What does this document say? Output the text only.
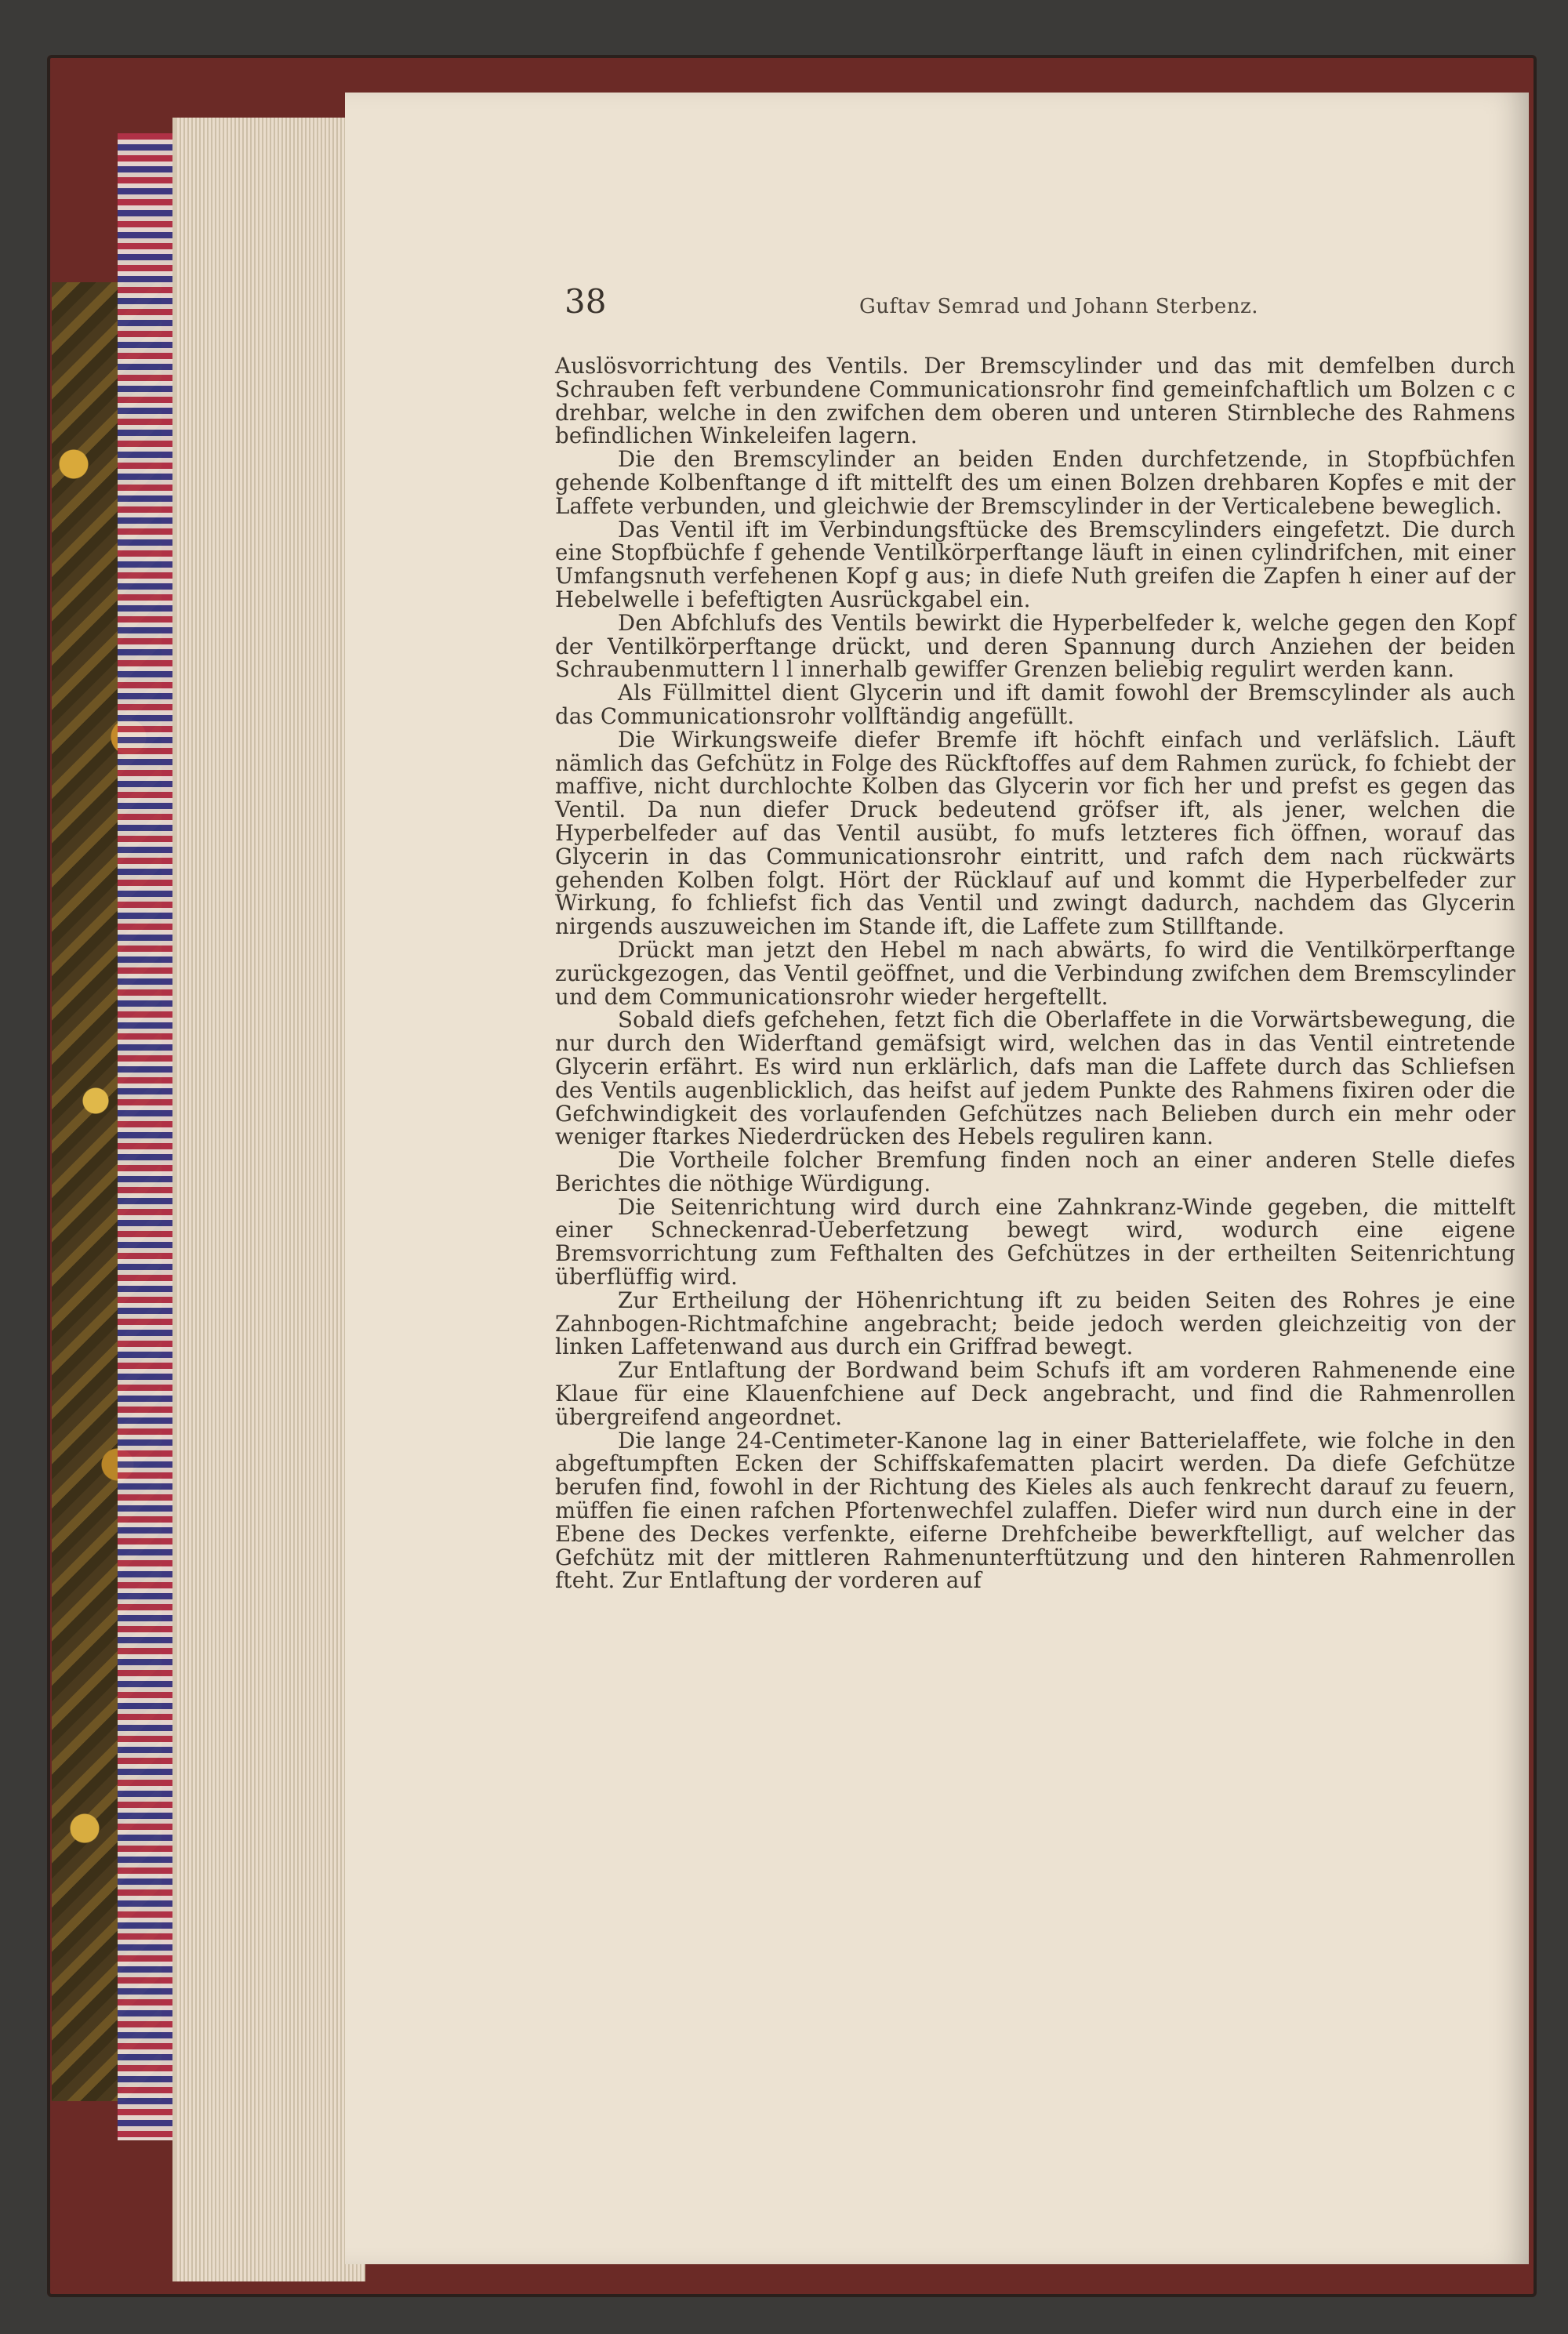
38	Guftav Semrad und Johann Sterbenz.

Auslösvorrichtung des Ventils. Der Bremscylinder und das mit demfelben durch Schrauben feft verbundene Communicationsrohr find gemeinfchaftlich um Bolzen c c drehbar, welche in den zwifchen dem oberen und unteren Stirnbleche des Rahmens befindlichen Winkeleifen lagern.

Die den Bremscylinder an beiden Enden durchfetzende, in Stopfbüchfen gehende Kolbenftange d ift mittelft des um einen Bolzen drehbaren Kopfes e mit der Laffete verbunden, und gleichwie der Bremscylinder in der Verticalebene beweglich.

Das Ventil ift im Verbindungsftücke des Bremscylinders eingefetzt. Die durch eine Stopfbüchfe f gehende Ventilkörperftange läuft in einen cylindrifchen, mit einer Umfangsnuth verfehenen Kopf g aus; in diefe Nuth greifen die Zapfen h einer auf der Hebelwelle i befeftigten Ausrückgabel ein.

Den Abfchlufs des Ventils bewirkt die Hyperbelfeder k, welche gegen den Kopf der Ventilkörperftange drückt, und deren Spannung durch Anziehen der beiden Schraubenmuttern l l innerhalb gewiffer Grenzen beliebig regulirt werden kann.

Als Füllmittel dient Glycerin und ift damit fowohl der Bremscylinder als auch das Communicationsrohr vollftändig angefüllt.

Die Wirkungsweife diefer Bremfe ift höchft einfach und verläfslich. Läuft nämlich das Gefchütz in Folge des Rückftoffes auf dem Rahmen zurück, fo fchiebt der maffive, nicht durchlochte Kolben das Glycerin vor fich her und prefst es gegen das Ventil. Da nun diefer Druck bedeutend gröfser ift, als jener, welchen die Hyperbelfeder auf das Ventil ausübt, fo mufs letzteres fich öffnen, worauf das Glycerin in das Communicationsrohr eintritt, und rafch dem nach rückwärts gehenden Kolben folgt. Hört der Rücklauf auf und kommt die Hyperbelfeder zur Wirkung, fo fchliefst fich das Ventil und zwingt dadurch, nachdem das Glycerin nirgends auszuweichen im Stande ift, die Laffete zum Stillftande.

Drückt man jetzt den Hebel m nach abwärts, fo wird die Ventilkörperftange zurückgezogen, das Ventil geöffnet, und die Verbindung zwifchen dem Bremscylinder und dem Communicationsrohr wieder hergeftellt.

Sobald diefs gefchehen, fetzt fich die Oberlaffete in die Vorwärtsbewegung, die nur durch den Widerftand gemäfsigt wird, welchen das in das Ventil eintretende Glycerin erfährt. Es wird nun erklärlich, dafs man die Laffete durch das Schliefsen des Ventils augenblicklich, das heifst auf jedem Punkte des Rahmens fixiren oder die Gefchwindigkeit des vorlaufenden Gefchützes nach Belieben durch ein mehr oder weniger ftarkes Niederdrücken des Hebels reguliren kann.

Die Vortheile folcher Bremfung finden noch an einer anderen Stelle diefes Berichtes die nöthige Würdigung.

Die Seitenrichtung wird durch eine Zahnkranz-Winde gegeben, die mittelft einer Schneckenrad-Ueberfetzung bewegt wird, wodurch eine eigene Bremsvorrichtung zum Fefthalten des Gefchützes in der ertheilten Seitenrichtung überflüffig wird.

Zur Ertheilung der Höhenrichtung ift zu beiden Seiten des Rohres je eine Zahnbogen-Richtmafchine angebracht; beide jedoch werden gleichzeitig von der linken Laffetenwand aus durch ein Griffrad bewegt.

Zur Entlaftung der Bordwand beim Schufs ift am vorderen Rahmenende eine Klaue für eine Klauenfchiene auf Deck angebracht, und find die Rahmenrollen übergreifend angeordnet.

Die lange 24-Centimeter-Kanone lag in einer Batterielaffete, wie folche in den abgeftumpften Ecken der Schiffskafematten placirt werden. Da diefe Gefchütze berufen find, fowohl in der Richtung des Kieles als auch fenkrecht darauf zu feuern, müffen fie einen rafchen Pfortenwechfel zulaffen. Diefer wird nun durch eine in der Ebene des Deckes verfenkte, eiferne Drehfcheibe bewerkftelligt, auf welcher das Gefchütz mit der mittleren Rahmenunterftützung und den hinteren Rahmenrollen fteht. Zur Entlaftung der vorderen auf
